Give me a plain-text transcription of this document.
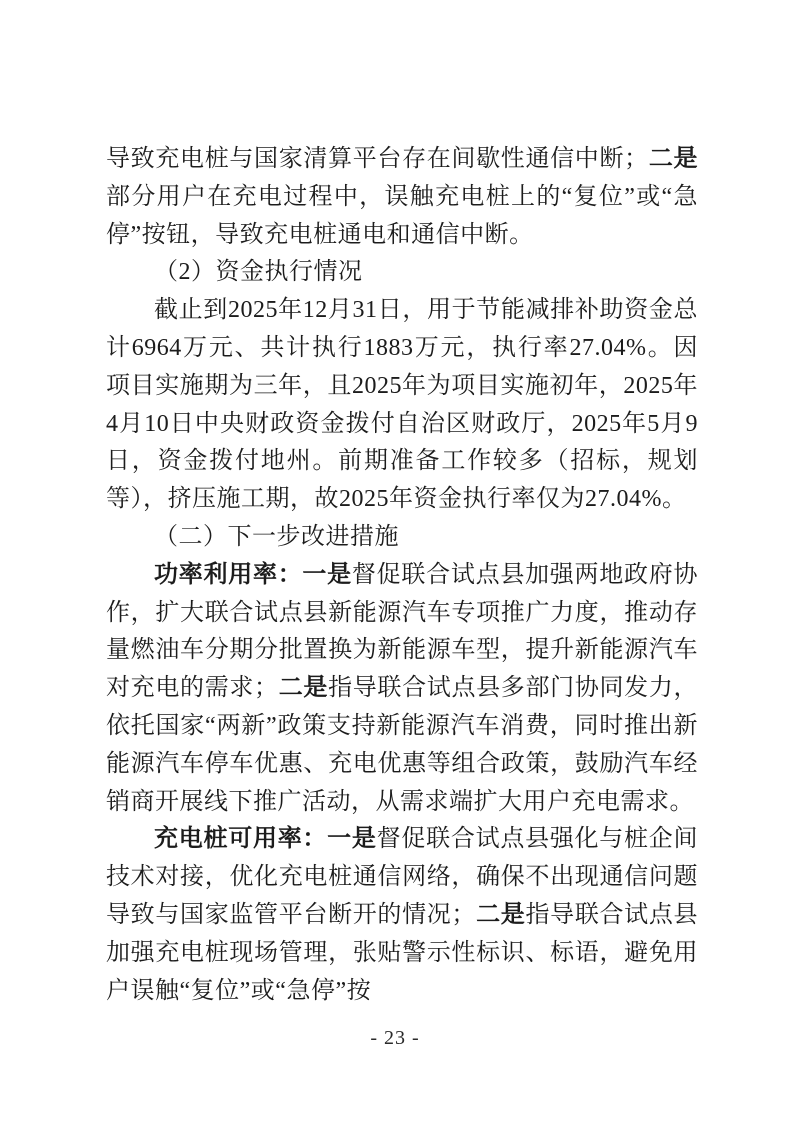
导致充电桩与国家清算平台存在间歇性通信中断；二是部分用户在充电过程中，误触充电桩上的“复位”或“急停”按钮，导致充电桩通电和通信中断。

（2）资金执行情况

截止到2025年12月31日，用于节能减排补助资金总计6964万元、共计执行1883万元，执行率27.04%。因项目实施期为三年，且2025年为项目实施初年，2025年4月10日中央财政资金拨付自治区财政厅，2025年5月9日，资金拨付地州。前期准备工作较多（招标，规划等），挤压施工期，故2025年资金执行率仅为27.04%。

（二）下一步改进措施

功率利用率：一是督促联合试点县加强两地政府协作，扩大联合试点县新能源汽车专项推广力度，推动存量燃油车分期分批置换为新能源车型，提升新能源汽车对充电的需求；二是指导联合试点县多部门协同发力，依托国家“两新”政策支持新能源汽车消费，同时推出新能源汽车停车优惠、充电优惠等组合政策，鼓励汽车经销商开展线下推广活动，从需求端扩大用户充电需求。

充电桩可用率：一是督促联合试点县强化与桩企间技术对接，优化充电桩通信网络，确保不出现通信问题导致与国家监管平台断开的情况；二是指导联合试点县加强充电桩现场管理，张贴警示性标识、标语，避免用户误触“复位”或“急停”按

- 23 -
